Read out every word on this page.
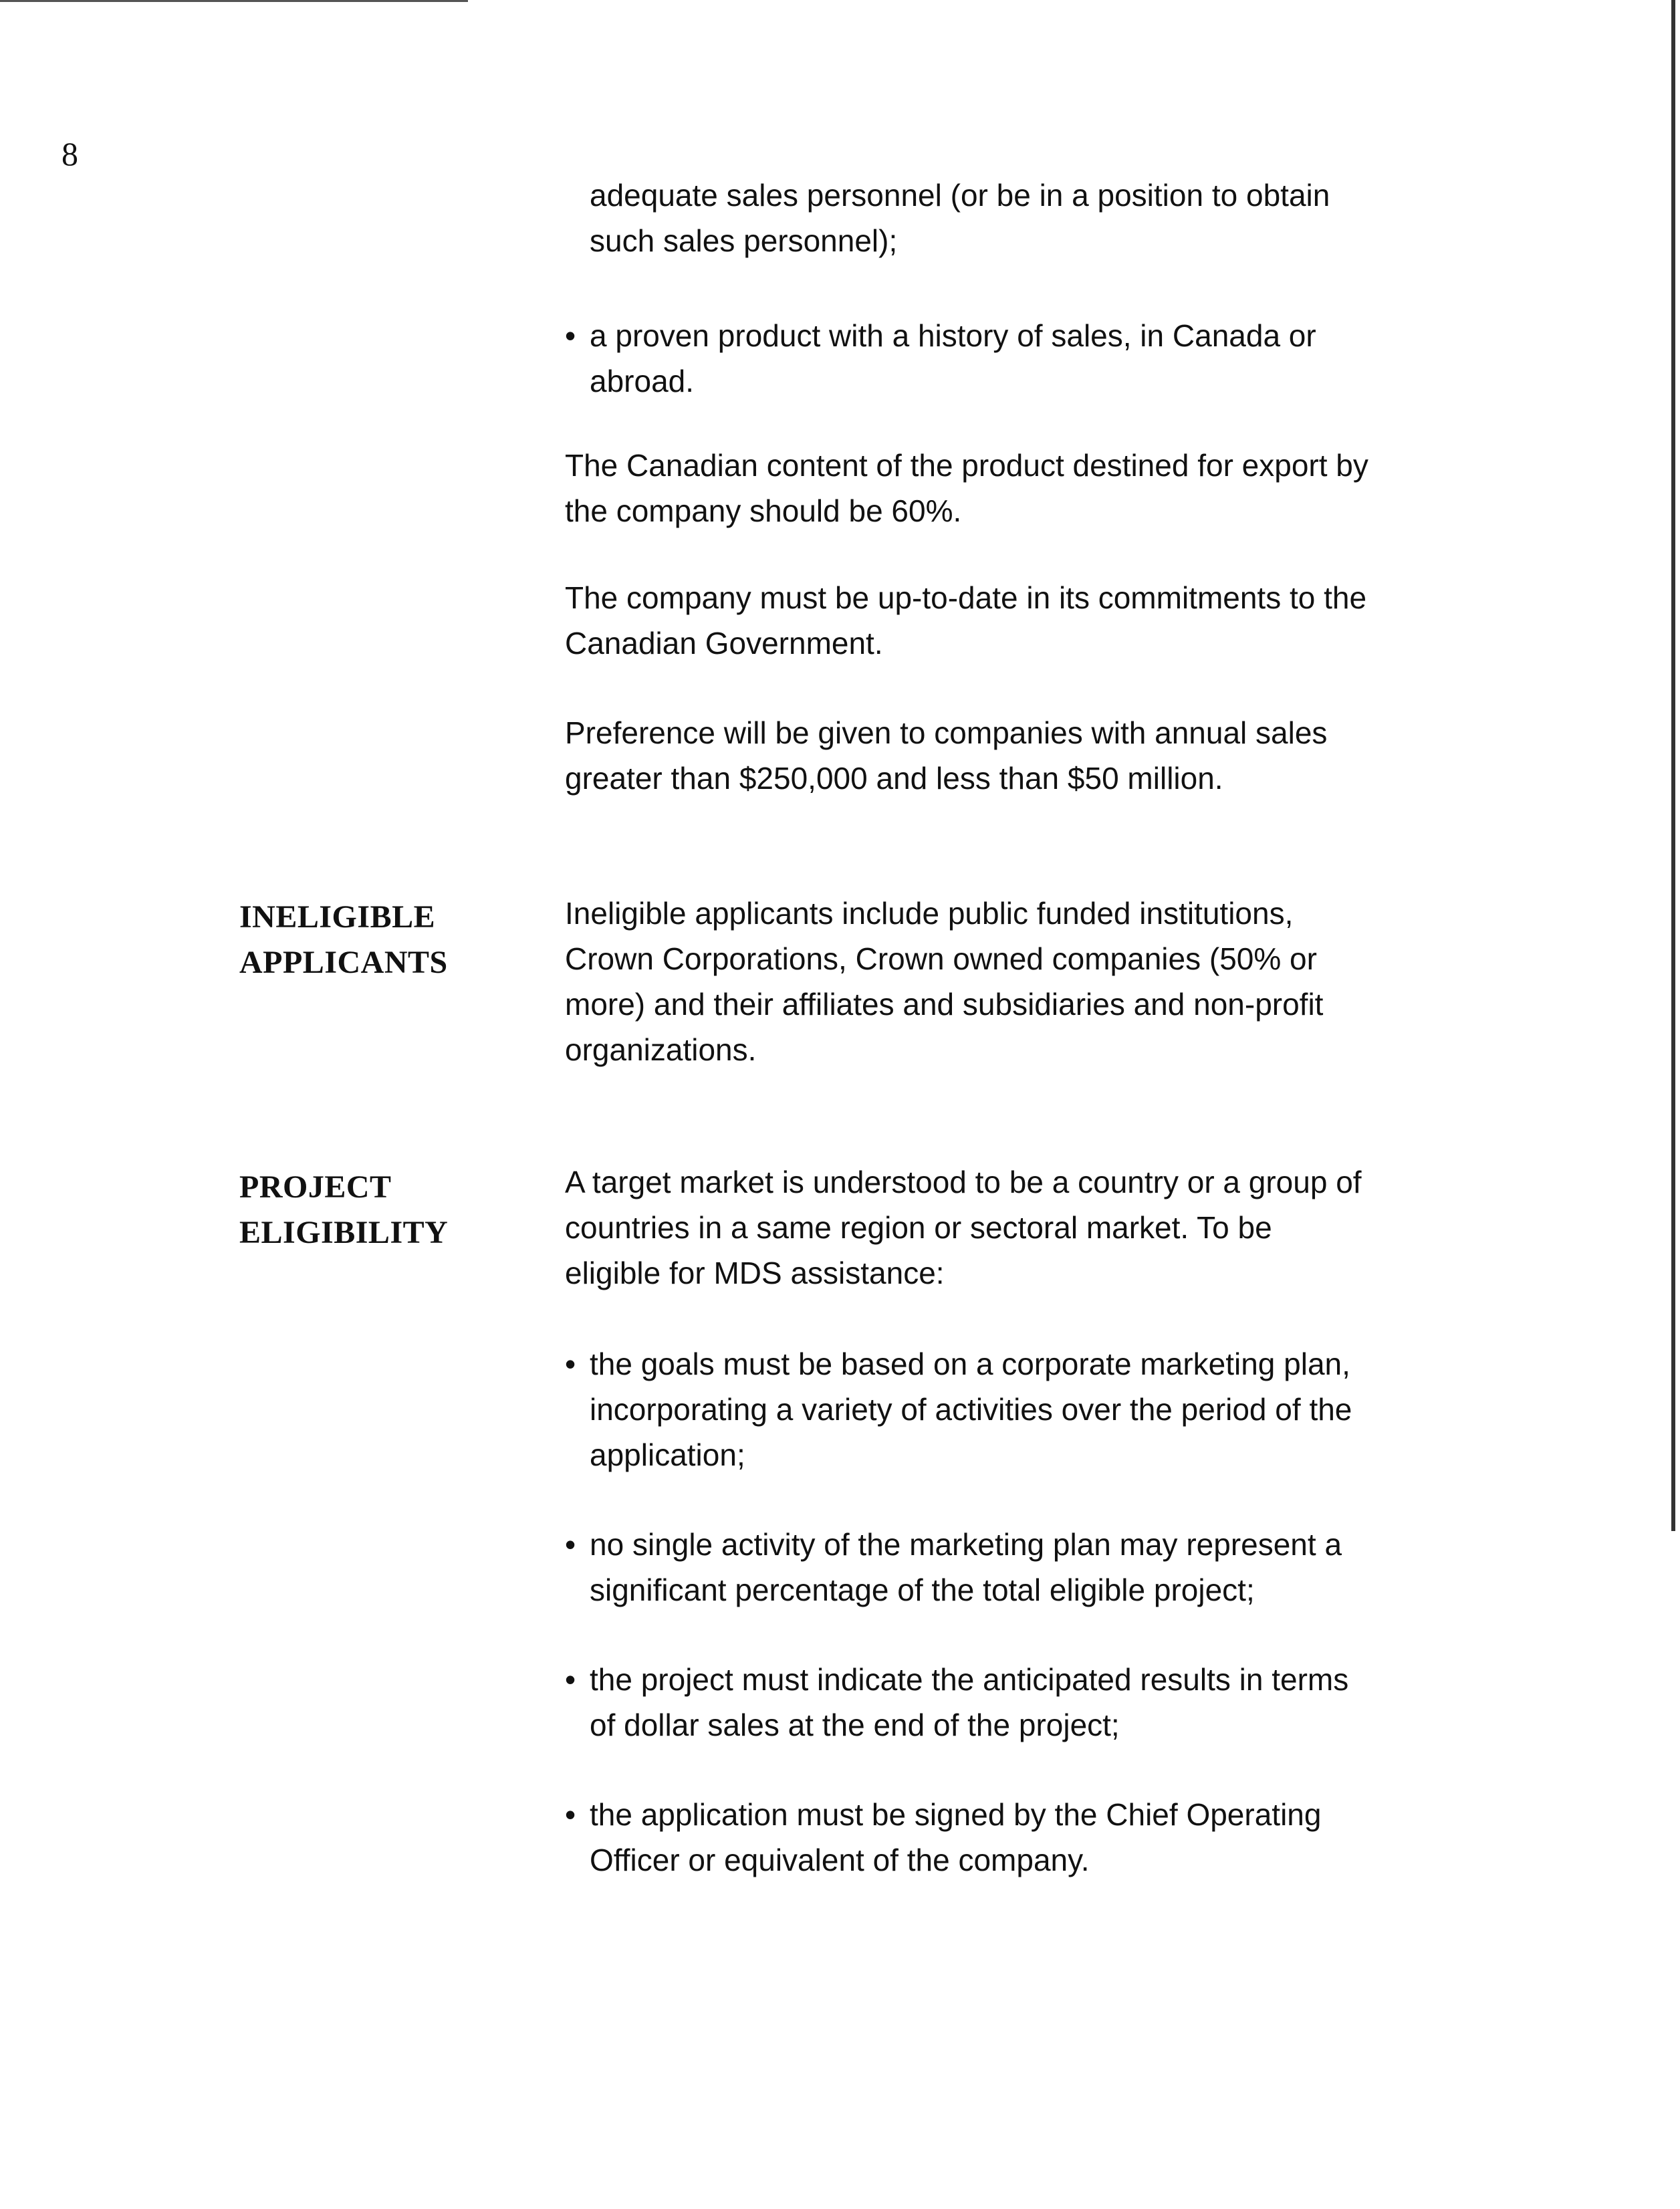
8
adequate sales personnel (or be in a position to obtain
such sales personnel);
• a proven product with a history of sales, in Canada or
abroad.
The Canadian content of the product destined for export by
the company should be 60%.
The company must be up-to-date in its commitments to the
Canadian Government.
Preference will be given to companies with annual sales
greater than $250,000 and less than $50 million.
INELIGIBLE
APPLICANTS
Ineligible applicants include public funded institutions,
Crown Corporations, Crown owned companies (50% or
more) and their affiliates and subsidiaries and non-profit
organizations.
PROJECT
ELIGIBILITY
A target market is understood to be a country or a group of
countries in a same region or sectoral market. To be
eligible for MDS assistance:
• the goals must be based on a corporate marketing plan,
incorporating a variety of activities over the period of the
application;
• no single activity of the marketing plan may represent a
significant percentage of the total eligible project;
• the project must indicate the anticipated results in terms
of dollar sales at the end of the project;
• the application must be signed by the Chief Operating
Officer or equivalent of the company.
